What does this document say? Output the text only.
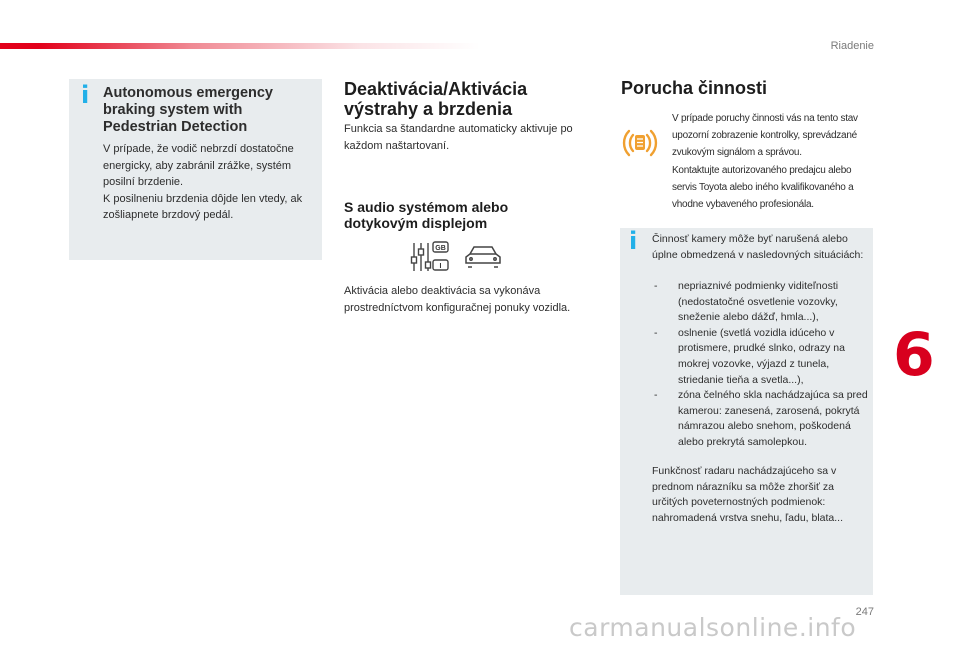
Riadenie
i Autonomous emergency braking system with Pedestrian Detection

V prípade, že vodič nebrzdí dostatočne energicky, aby zabránil zrážke, systém posilní brzdenie.
K posilneniu brzdenia dôjde len vtedy, ak zošliapnete brzdový pedál.

Deaktivácia/Aktivácia výstrahy a brzdenia

Funkcia sa štandardne automaticky aktivuje po každom naštartovaní.

S audio systémom alebo dotykovým displejom
GB
I

Aktivácia alebo deaktivácia sa vykonáva prostredníctvom konfiguračnej ponuky vozidla.

Porucha činnosti

V prípade poruchy činnosti vás na tento stav upozorní zobrazenie kontrolky, sprevádzané zvukovým signálom a správou.
Kontaktujte autorizovaného predajcu alebo servis Toyota alebo iného kvalifikovaného a vhodne vybaveného profesionála.

i Činnosť kamery môže byť narušená alebo úplne obmedzená v nasledovných situáciách:

- nepriaznivé podmienky viditeľnosti (nedostatočné osvetlenie vozovky, sneženie alebo dážď, hmla...),
- oslnenie (svetlá vozidla idúceho v protismere, prudké slnko, odrazy na mokrej vozovke, výjazd z tunela, striedanie tieňa a svetla...),
- zóna čelného skla nachádzajúca sa pred kamerou: zanesená, zarosená, pokrytá námrazou alebo snehom, poškodená alebo prekrytá samolepkou.

Funkčnosť radaru nachádzajúceho sa v prednom nárazníku sa môže zhoršiť za určitých poveternostných podmienok: nahromadená vrstva snehu, ľadu, blata...

6
247
carmanualsonline.info
